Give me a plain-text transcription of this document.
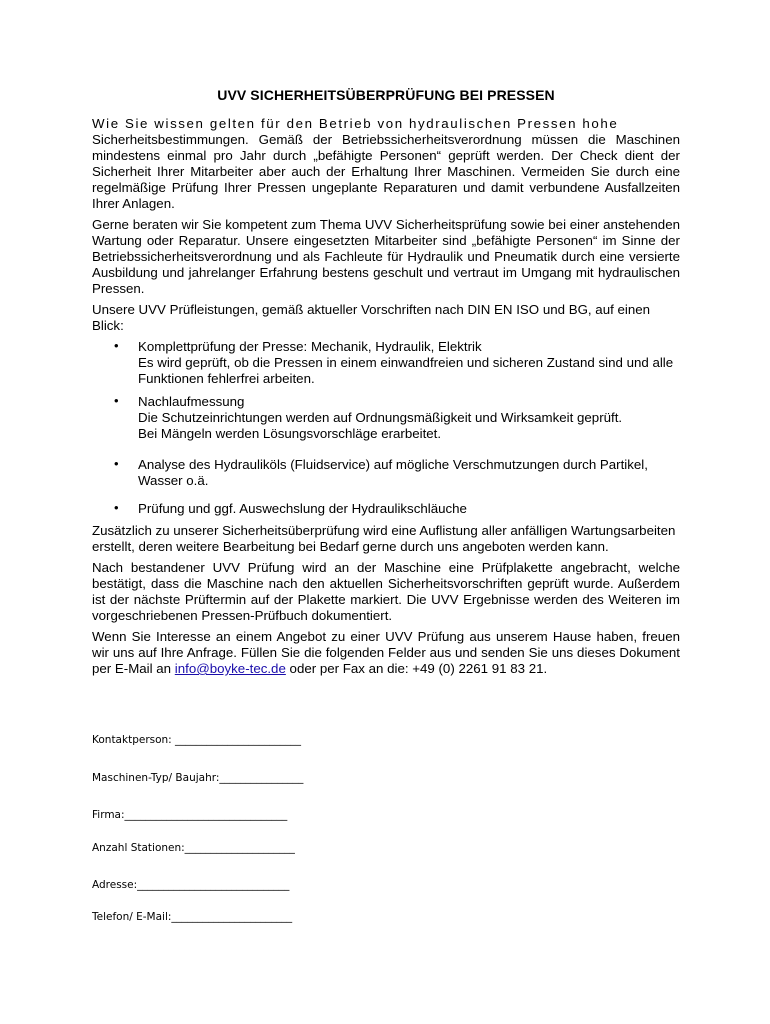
UVV SICHERHEITSÜBERPRÜFUNG BEI PRESSEN

Wie Sie wissen gelten für den Betrieb von hydraulischen Pressen hohe
Sicherheitsbestimmungen. Gemäß der Betriebssicherheitsverordnung müssen die Maschinen mindestens einmal pro Jahr durch „befähigte Personen“ geprüft werden. Der Check dient der Sicherheit Ihrer Mitarbeiter aber auch der Erhaltung Ihrer Maschinen. Vermeiden Sie durch eine regelmäßige Prüfung Ihrer Pressen ungeplante Reparaturen und damit verbundene Ausfallzeiten Ihrer Anlagen.

Gerne beraten wir Sie kompetent zum Thema UVV Sicherheitsprüfung sowie bei einer anstehenden Wartung oder Reparatur. Unsere eingesetzten Mitarbeiter sind „befähigte Personen“ im Sinne der Betriebssicherheitsverordnung und als Fachleute für Hydraulik und Pneumatik durch eine versierte Ausbildung und jahrelanger Erfahrung bestens geschult und vertraut im Umgang mit hydraulischen Pressen.

Unsere UVV Prüfleistungen, gemäß aktueller Vorschriften nach DIN EN ISO und BG, auf einen Blick:

• Komplettprüfung der Presse: Mechanik, Hydraulik, Elektrik
Es wird geprüft, ob die Pressen in einem einwandfreien und sicheren Zustand sind und alle Funktionen fehlerfrei arbeiten.
• Nachlaufmessung
Die Schutzeinrichtungen werden auf Ordnungsmäßigkeit und Wirksamkeit geprüft.
Bei Mängeln werden Lösungsvorschläge erarbeitet.
• Analyse des Hydrauliköls (Fluidservice) auf mögliche Verschmutzungen durch Partikel, Wasser o.ä.
• Prüfung und ggf. Auswechslung der Hydraulikschläuche

Zusätzlich zu unserer Sicherheitsüberprüfung wird eine Auflistung aller anfälligen Wartungsarbeiten erstellt, deren weitere Bearbeitung bei Bedarf gerne durch uns angeboten werden kann.

Nach bestandener UVV Prüfung wird an der Maschine eine Prüfplakette angebracht, welche bestätigt, dass die Maschine nach den aktuellen Sicherheitsvorschriften geprüft wurde. Außerdem ist der nächste Prüftermin auf der Plakette markiert. Die UVV Ergebnisse werden des Weiteren im vorgeschriebenen Pressen-Prüfbuch dokumentiert.

Wenn Sie Interesse an einem Angebot zu einer UVV Prüfung aus unserem Hause haben, freuen wir uns auf Ihre Anfrage. Füllen Sie die folgenden Felder aus und senden Sie uns dieses Dokument per E-Mail an info@boyke-tec.de oder per Fax an die: +49 (0) 2261 91 83 21.

Kontaktperson: ________________________
Maschinen-Typ/ Baujahr:________________
Firma:_______________________________
Anzahl Stationen:_____________________
Adresse:_____________________________
Telefon/ E-Mail:_______________________
